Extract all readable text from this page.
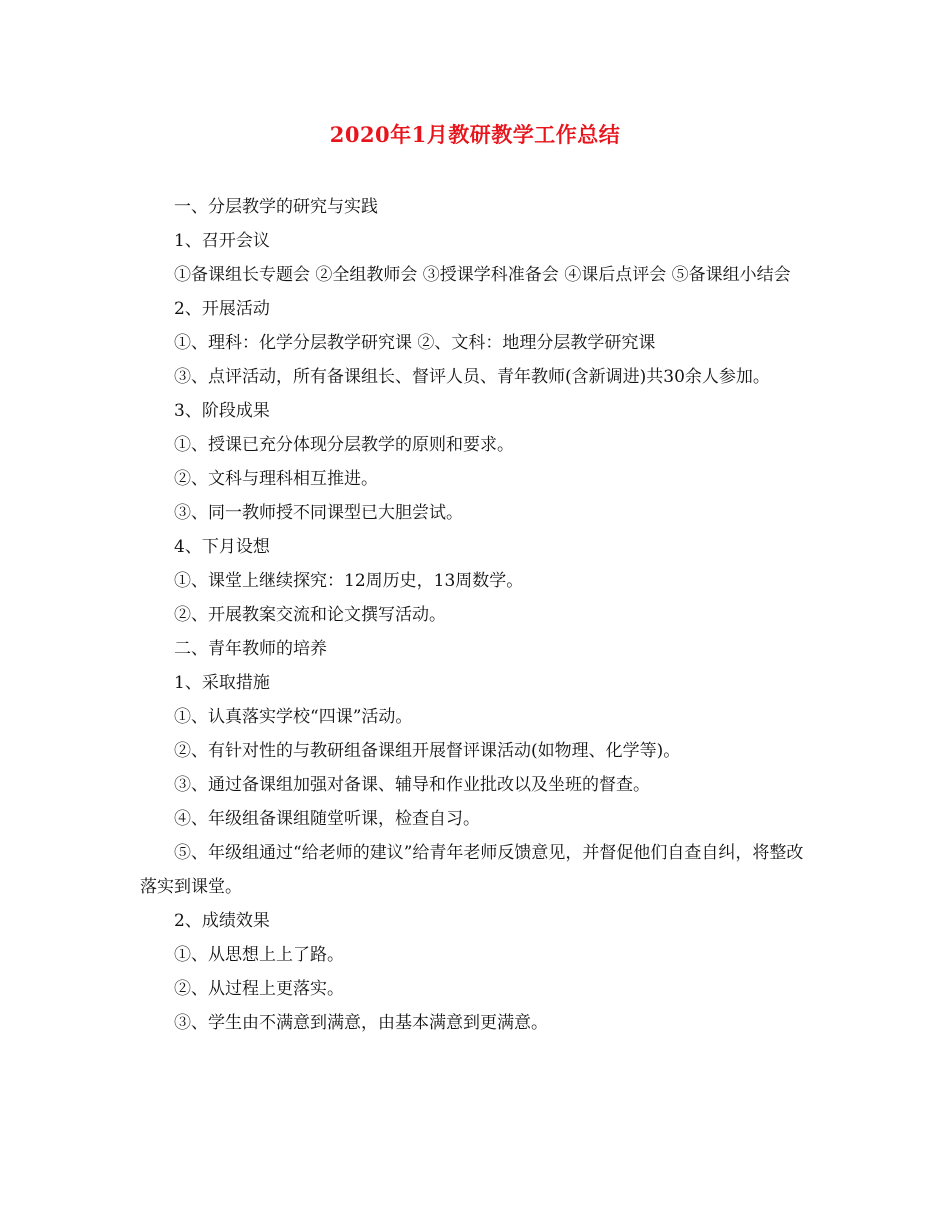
2020年1月教研教学工作总结

一、分层教学的研究与实践

1、召开会议

①备课组长专题会 ②全组教师会 ③授课学科准备会 ④课后点评会 ⑤备课组小结会

2、开展活动

①、理科：化学分层教学研究课 ②、文科：地理分层教学研究课

③、点评活动，所有备课组长、督评人员、青年教师(含新调进)共30余人参加。

3、阶段成果

①、授课已充分体现分层教学的原则和要求。

②、文科与理科相互推进。

③、同一教师授不同课型已大胆尝试。

4、下月设想

①、课堂上继续探究：12周历史，13周数学。

②、开展教案交流和论文撰写活动。

二、青年教师的培养

1、采取措施

①、认真落实学校“四课”活动。

②、有针对性的与教研组备课组开展督评课活动(如物理、化学等)。

③、通过备课组加强对备课、辅导和作业批改以及坐班的督查。

④、年级组备课组随堂听课，检查自习。

⑤、年级组通过“给老师的建议”给青年老师反馈意见，并督促他们自查自纠，将整改落实到课堂。

2、成绩效果

①、从思想上上了路。

②、从过程上更落实。

③、学生由不满意到满意，由基本满意到更满意。
